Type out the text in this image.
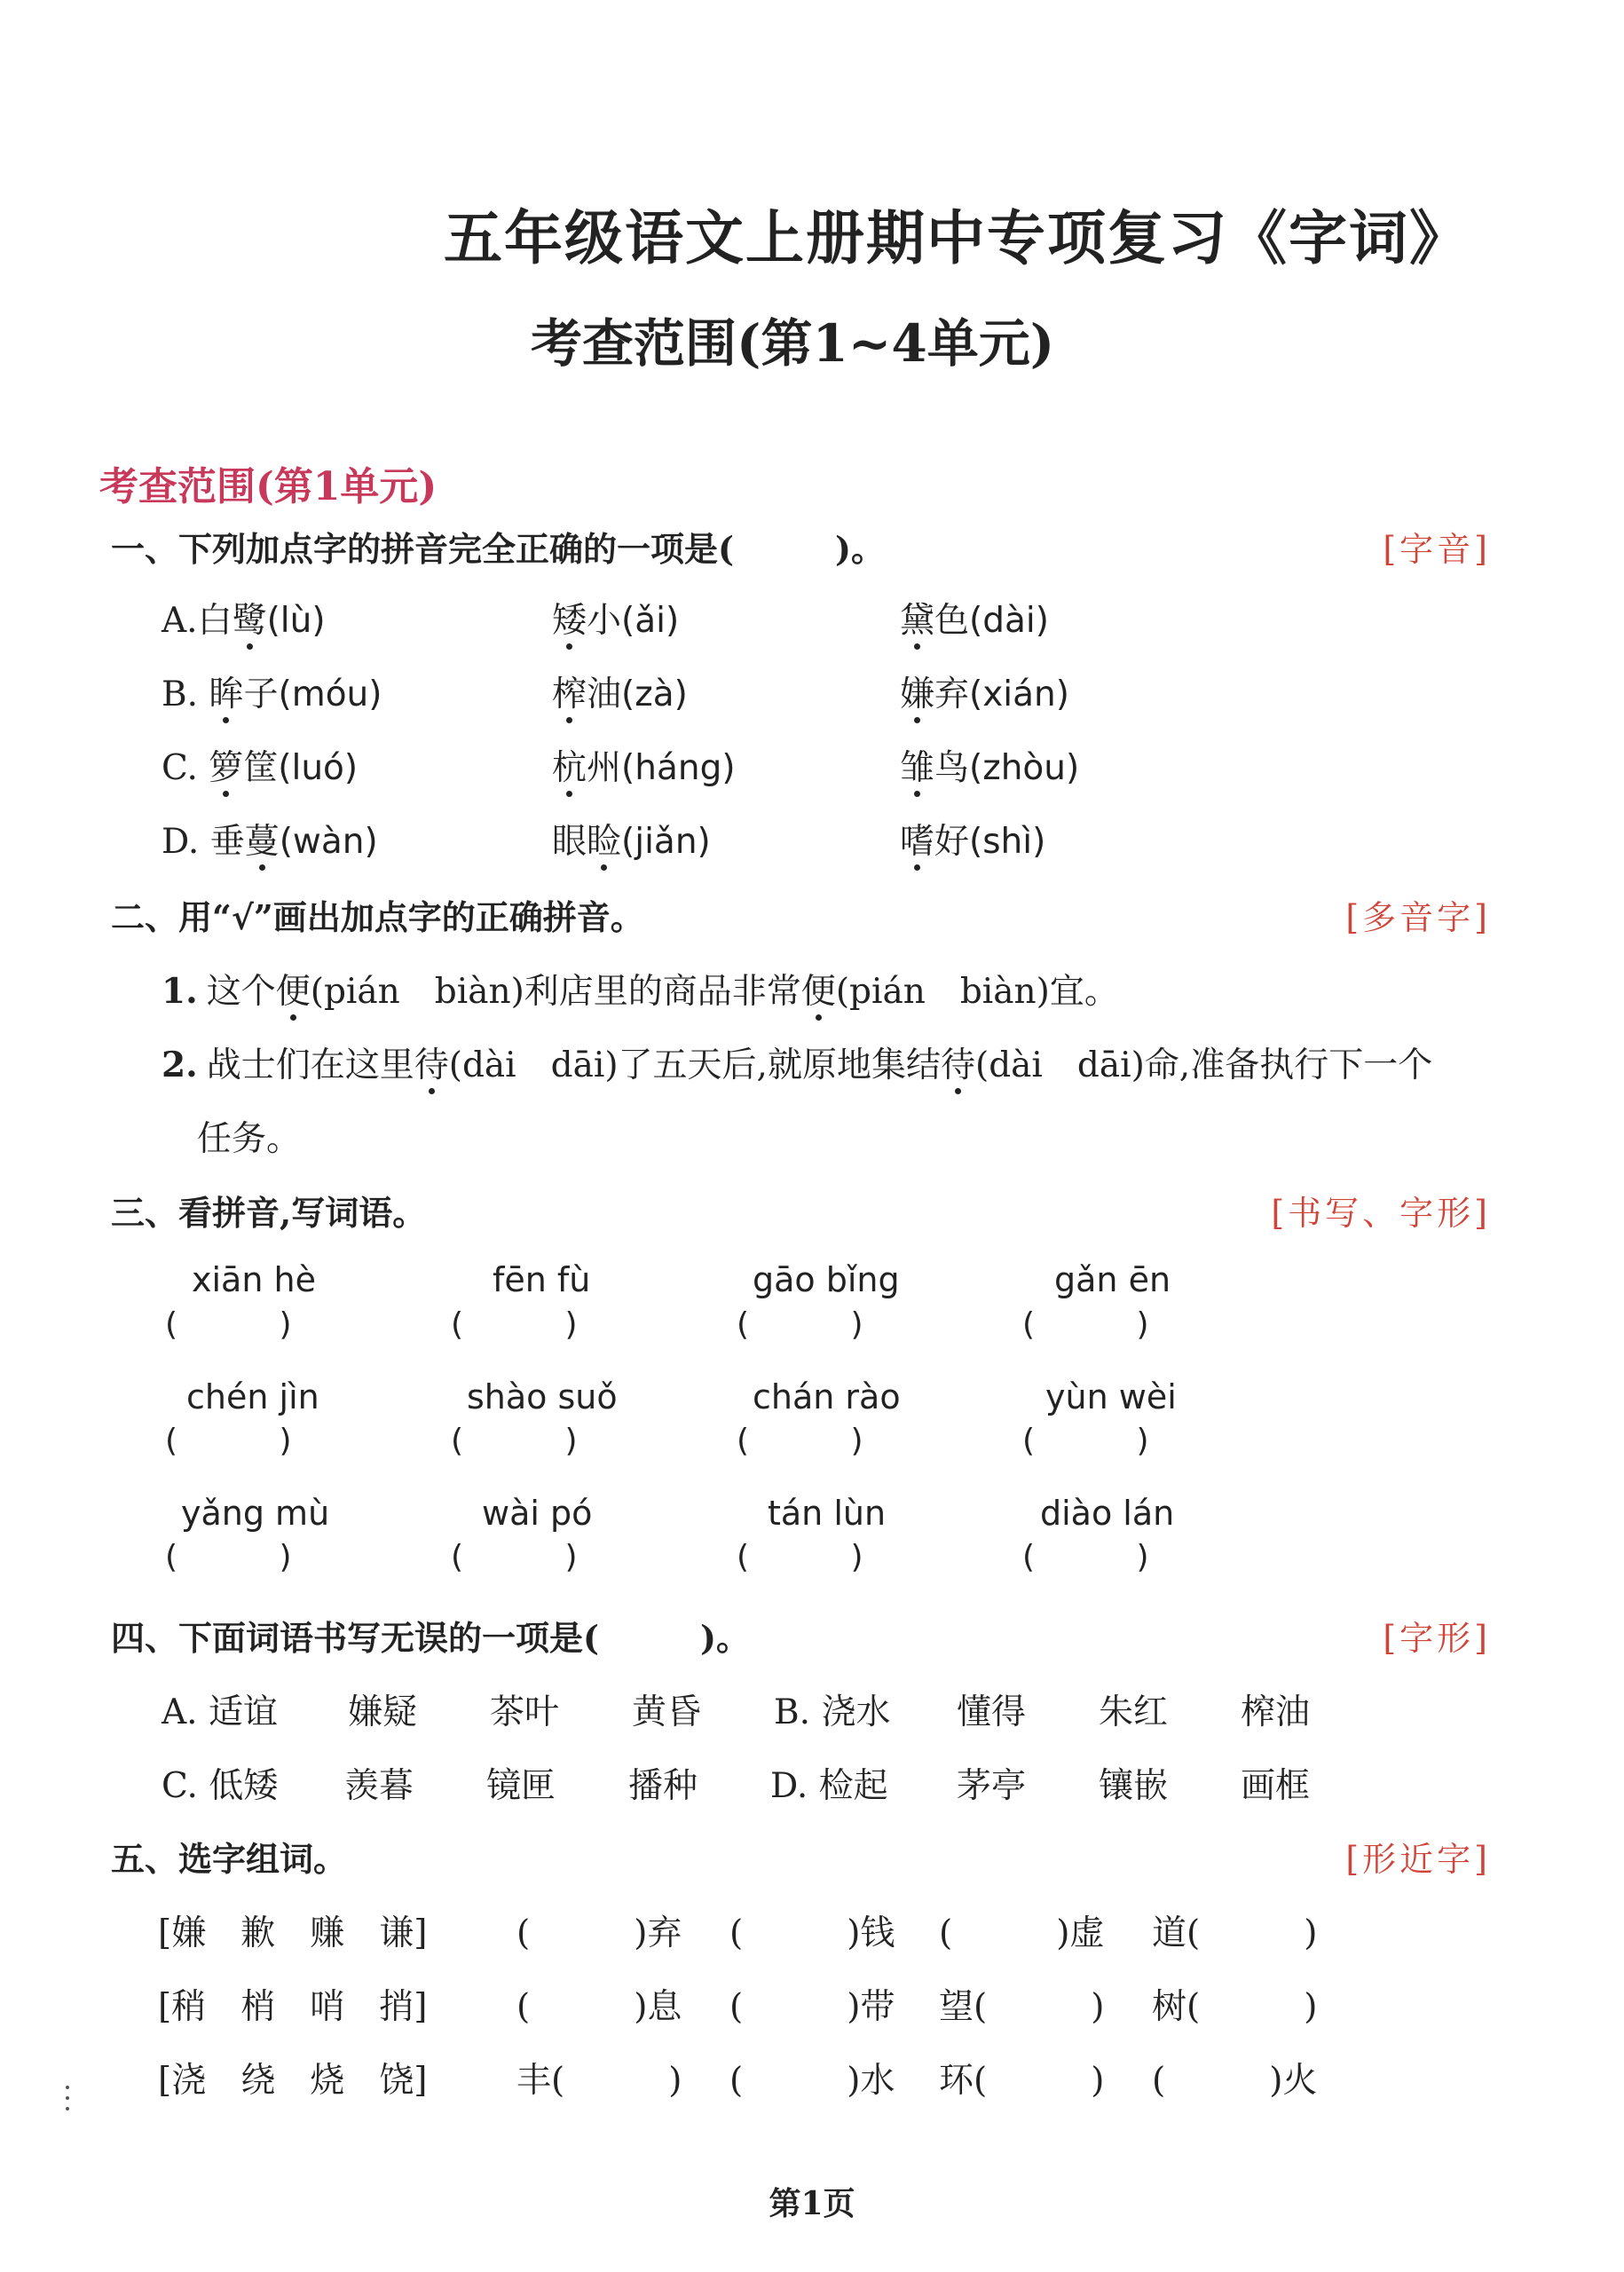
五年级语文上册期中专项复习《字词》
考查范围(第1~4单元)
考查范围(第1单元)
一、下列加点字的拼音完全正确的一项是(　　　)。	[字音]
A.白鹭(lù)	矮小(ǎi)	黛色(dài)
B. 眸子(móu)	榨油(zà)	嫌弃(xián)
C. 箩筐(luó)	杭州(háng)	雏鸟(zhòu)
D. 垂蔓(wàn)	眼睑(jiǎn)	嗜好(shì)
二、用“√”画出加点字的正确拼音。	[多音字]
1. 这个便(pián　biàn)利店里的商品非常便(pián　biàn)宜。
2. 战士们在这里待(dài　dāi)了五天后,就原地集结待(dài　dāi)命,准备执行下一个
任务。
三、看拼音,写词语。	[书写、字形]
xiān hè	fēn fù	gāo bǐng	gǎn ēn
(          )	(          )	(          )	(          )
chén jìn	shào suǒ	chán rào	yùn wèi
(          )	(          )	(          )	(          )
yǎng mù	wài pó	tán lùn	diào lán
(          )	(          )	(          )	(          )
四、下面词语书写无误的一项是(　　　)。	[字形]
A. 适谊 嫌疑 茶叶 黄昏 B. 浇水 懂得 朱红 榨油
C. 低矮 羡暮 镜匣 播种 D. 检起 茅亭 镶嵌 画框
五、选字组词。	[形近字]
[嫌　歉　赚　谦]	(　　　)弃 (　　　)钱 (　　　)虚 道(　　　)
[稍　梢　哨　捎]	(　　　)息 (　　　)带 望(　　　) 树(　　　)
[浇　绕　烧　饶]	丰(　　　) (　　　)水 环(　　　) (　　　)火
第1页
